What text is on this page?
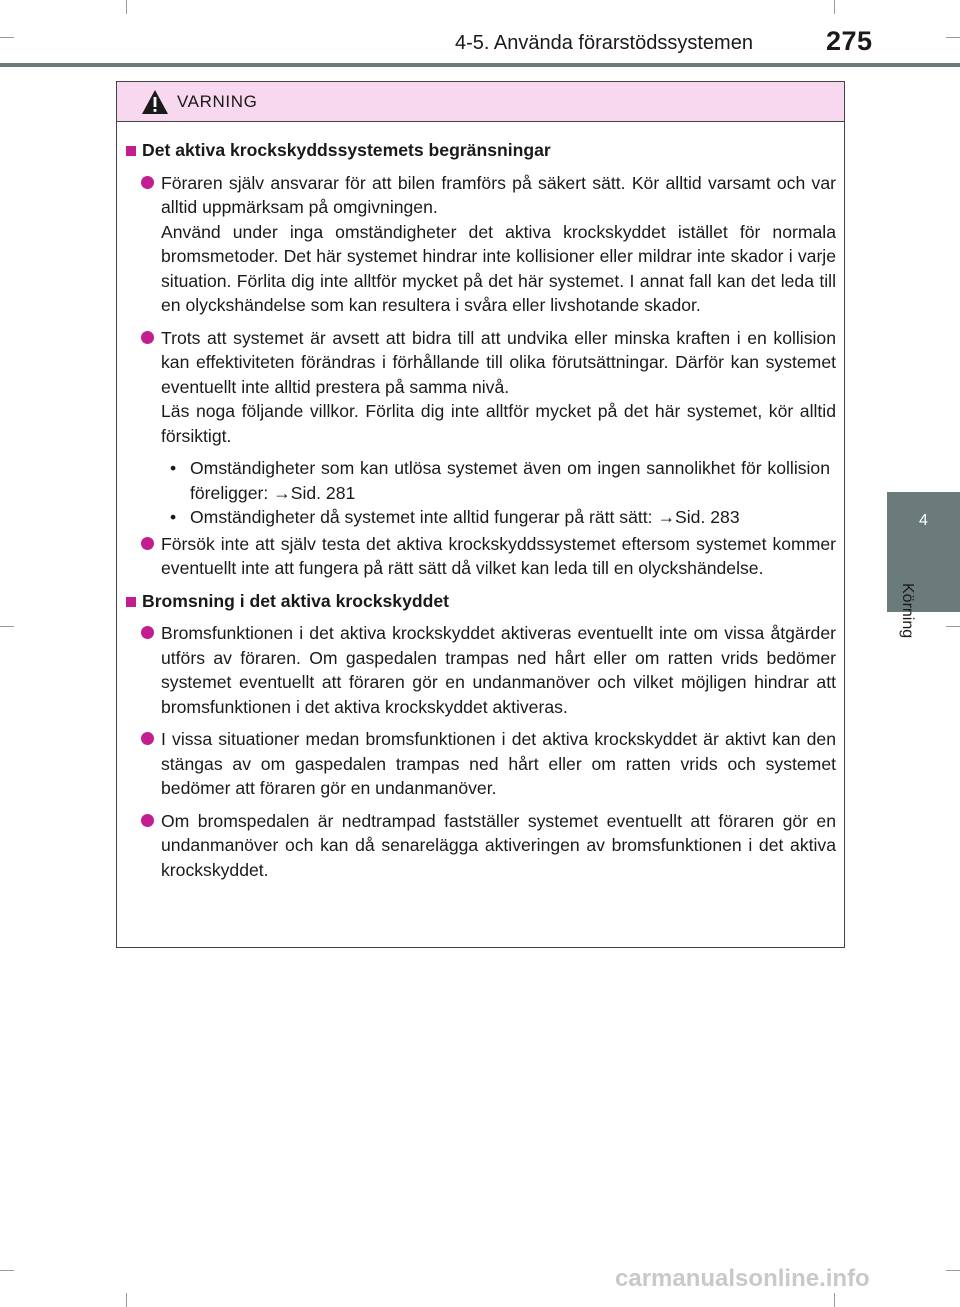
4-5. Använda förarstödssystemen	275
4
Körning
VARNING
Det aktiva krockskyddssystemets begränsningar

Föraren själv ansvarar för att bilen framförs på säkert sätt. Kör alltid varsamt och var alltid uppmärksam på omgivningen.

Använd under inga omständigheter det aktiva krockskyddet istället för normala bromsmetoder. Det här systemet hindrar inte kollisioner eller mildrar inte skador i varje situation. Förlita dig inte alltför mycket på det här systemet. I annat fall kan det leda till en olyckshändelse som kan resultera i svåra eller livshotande skador.

Trots att systemet är avsett att bidra till att undvika eller minska kraften i en kollision kan effektiviteten förändras i förhållande till olika förutsättningar. Därför kan systemet eventuellt inte alltid prestera på samma nivå.

Läs noga följande villkor. Förlita dig inte alltför mycket på det här systemet, kör alltid försiktigt.

• Omständigheter som kan utlösa systemet även om ingen sannolikhet för kollision föreligger: →Sid. 281
• Omständigheter då systemet inte alltid fungerar på rätt sätt: →Sid. 283

Försök inte att själv testa det aktiva krockskyddssystemet eftersom systemet kommer eventuellt inte att fungera på rätt sätt då vilket kan leda till en olyckshändelse.

Bromsning i det aktiva krockskyddet

Bromsfunktionen i det aktiva krockskyddet aktiveras eventuellt inte om vissa åtgärder utförs av föraren. Om gaspedalen trampas ned hårt eller om ratten vrids bedömer systemet eventuellt att föraren gör en undanmanöver och vilket möjligen hindrar att bromsfunktionen i det aktiva krockskyddet aktiveras.

I vissa situationer medan bromsfunktionen i det aktiva krockskyddet är aktivt kan den stängas av om gaspedalen trampas ned hårt eller om ratten vrids och systemet bedömer att föraren gör en undanmanöver.

Om bromspedalen är nedtrampad fastställer systemet eventuellt att föraren gör en undanmanöver och kan då senarelägga aktiveringen av bromsfunktionen i det aktiva krockskyddet.

carmanualsonline.info
